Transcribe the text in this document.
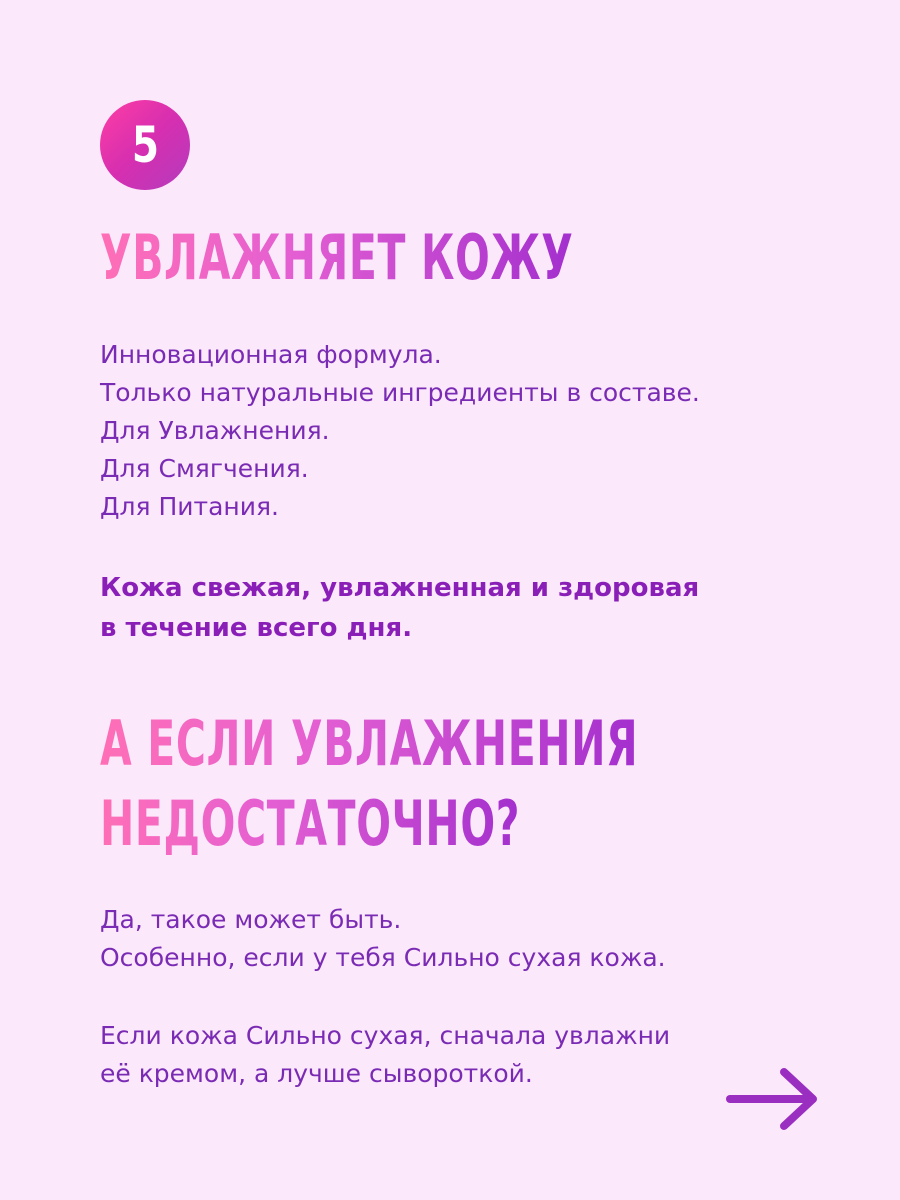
5
УВЛАЖНЯЕТ КОЖУ
Инновационная формула.
Только натуральные ингредиенты в составе.
Для Увлажнения.
Для Смягчения.
Для Питания.
Кожа свежая, увлажненная и здоровая
в течение всего дня.
А ЕСЛИ УВЛАЖНЕНИЯ
НЕДОСТАТОЧНО?
Да, такое может быть.
Особенно, если у тебя Сильно сухая кожа.
Если кожа Сильно сухая, сначала увлажни
её кремом, а лучше сывороткой.
